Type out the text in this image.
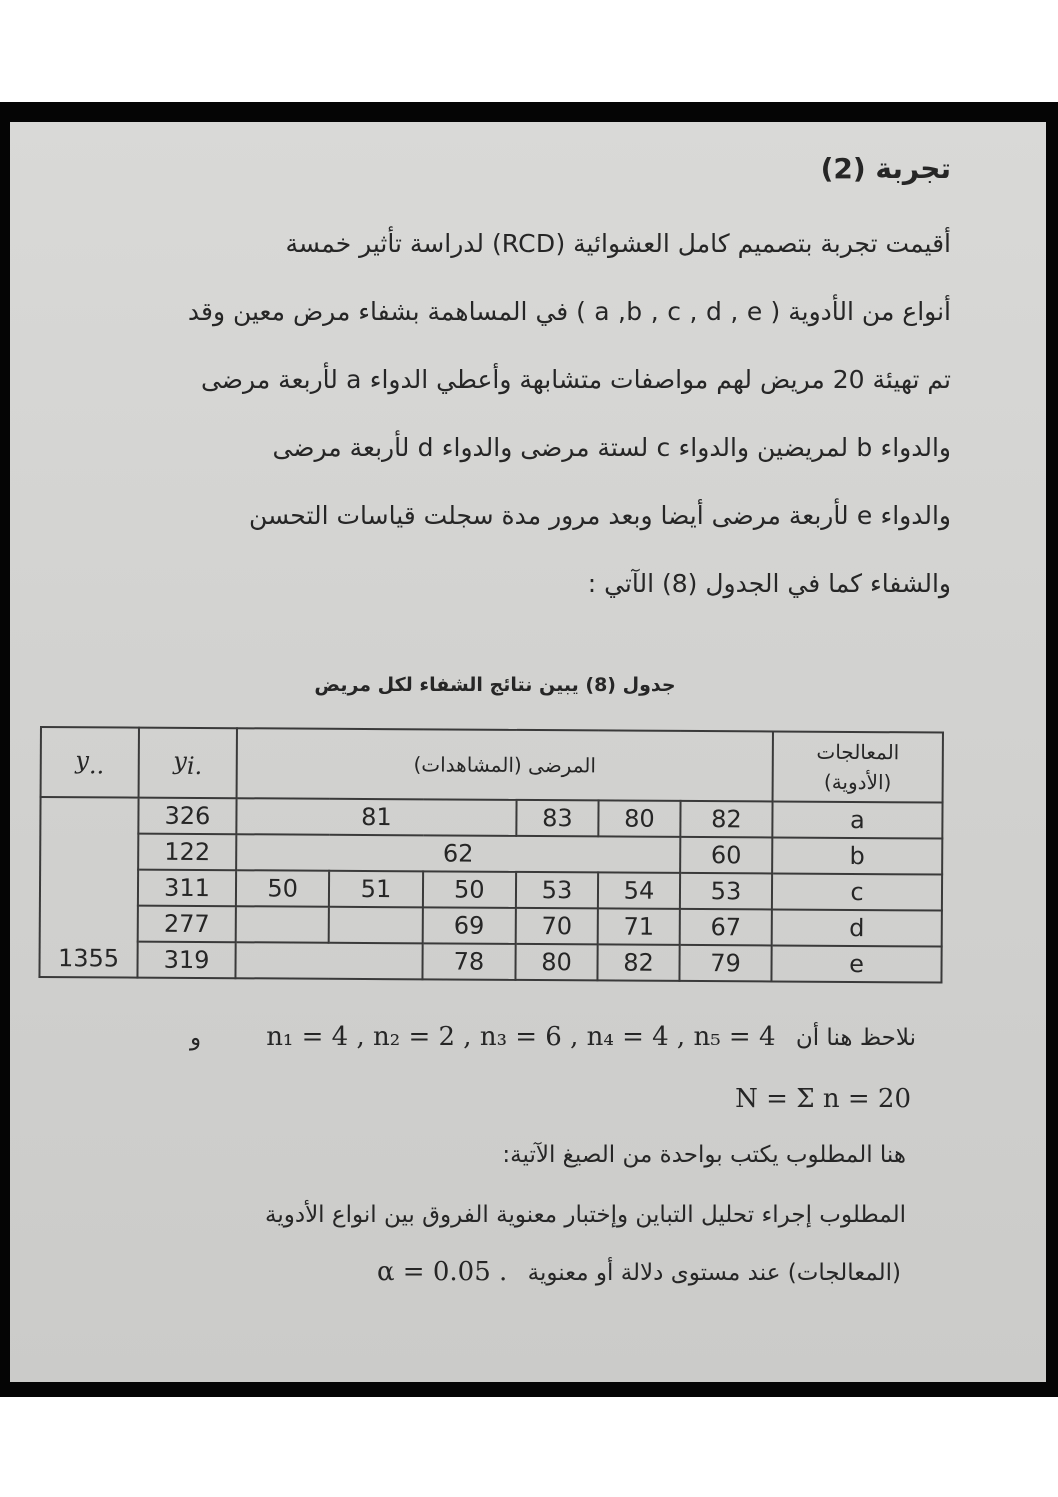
تجربة (2)
أقيمت تجربة بتصميم كامل العشوائية (RCD) لدراسة تأثير خمسة
أنواع من الأدوية ( a ,b , c , d , e ) في المساهمة بشفاء مرض معين وقد
تم تهيئة 20 مريض لهم مواصفات متشابهة وأعطي الدواء a لأربعة مرضى
والدواء b لمريضين والدواء c لستة مرضى والدواء d لأربعة مرضى
والدواء e لأربعة مرضى أيضا وبعد مرور مدة سجلت قياسات التحسن
والشفاء كما في الجدول (8) الآتي :
جدول (8) يبين نتائج الشفاء لكل مريض
$y_{..}$	$y_{i.}$	المرضى (المشاهدات)						المعالجات
(الأدوية)

1355	326	81			83	80	82	a
	122	62					60	b
	311	50	51	50	53	54	53	c
	277			69	70	71	67	d
	319			78	80	82	79	e
نلاحظ هنا أن    n₁ = 4 , n₂ = 2 , n₃ = 6 , n₄ = 4 , n₅ = 4 و
N = Σ n = 20
هنا المطلوب يكتب بواحدة من الصيغ الآتية:
المطلوب إجراء تحليل التباين وإختبار معنوية الفروق بين انواع الأدوية
(المعالجات) عند مستوى دلالة أو معنوية    α = 0.05 .
